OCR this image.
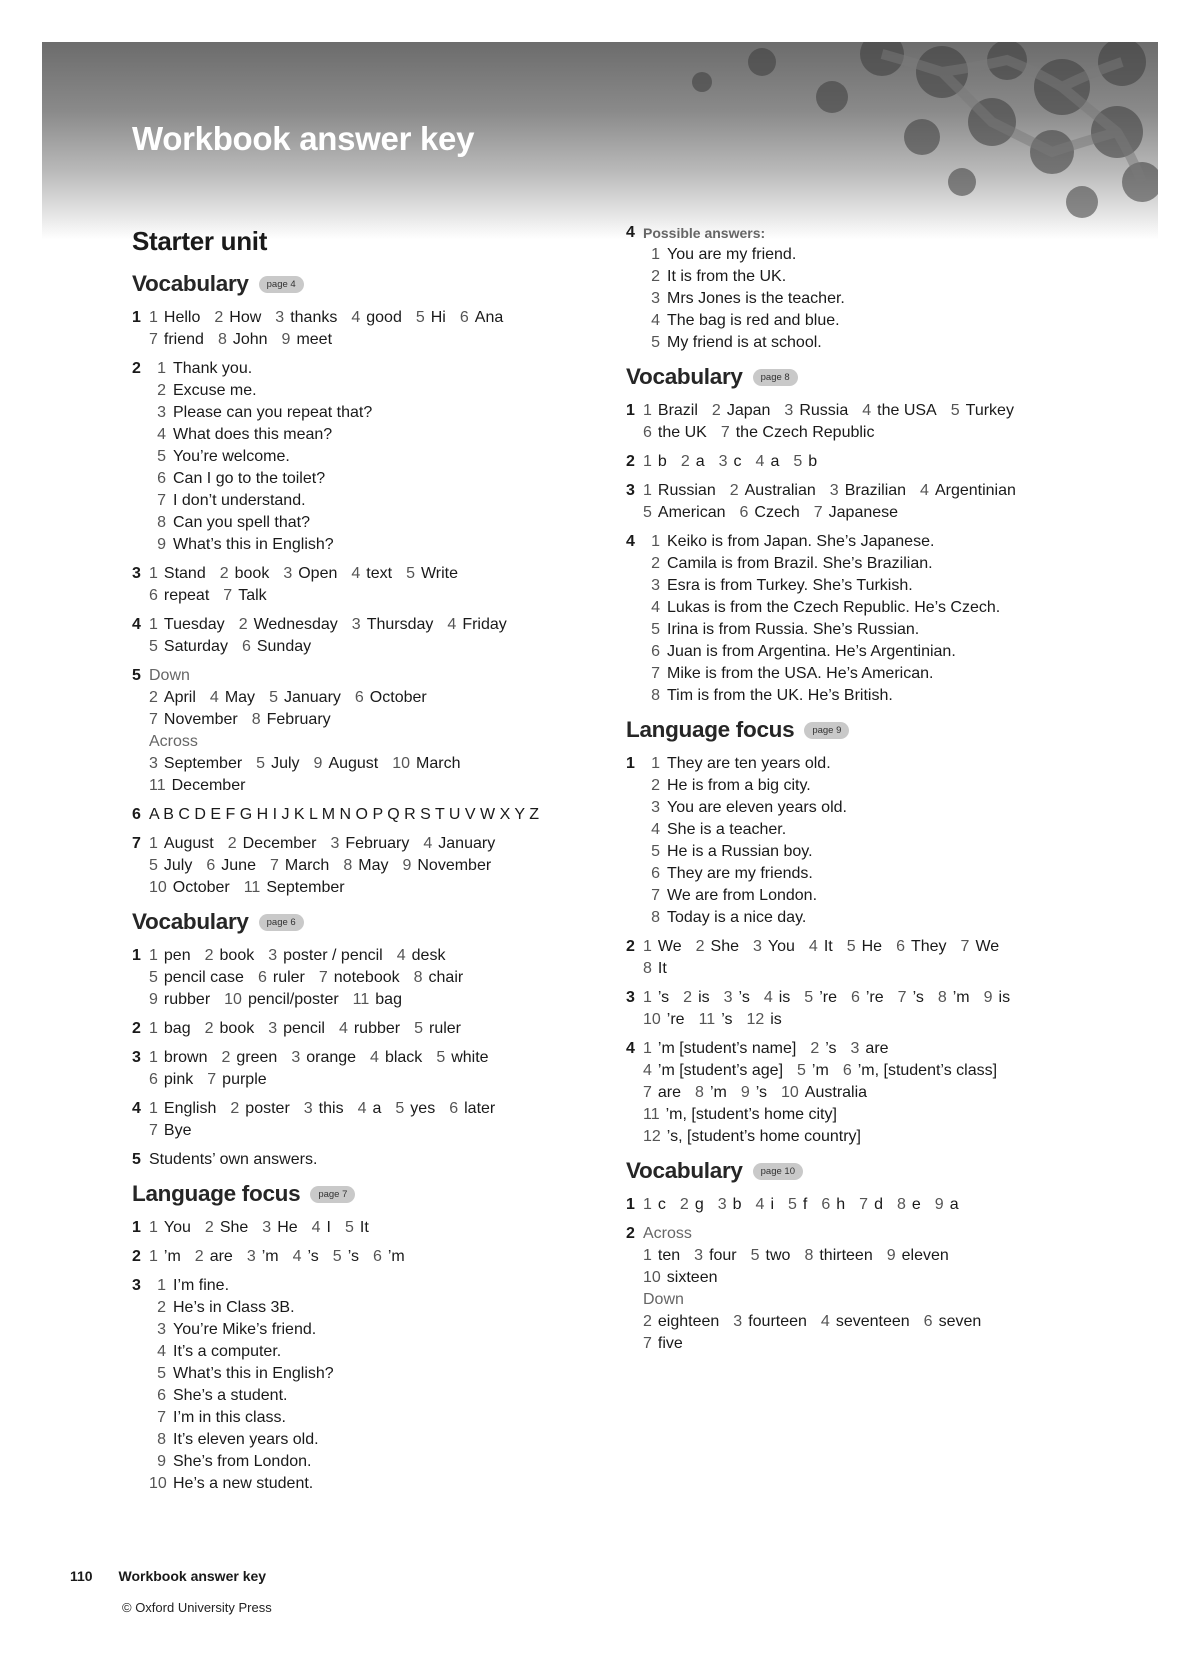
Workbook answer key
Starter unit
Vocabulary	page 4
1 1 Hello 2 How 3 thanks 4 good 5 Hi 6 Ana
7 friend 8 John 9 meet
2	1 Thank you.
2 Excuse me.
3 Please can you repeat that?
4 What does this mean?
5 You’re welcome.
6 Can I go to the toilet?
7 I don’t understand.
8 Can you spell that?
9 What’s this in English?
3 1 Stand 2 book 3 Open 4 text 5 Write
6 repeat 7 Talk
4 1 Tuesday 2 Wednesday 3 Thursday 4 Friday
5 Saturday 6 Sunday
5 Down
2 April 4 May 5 January 6 October
7 November 8 February
Across
3 September 5 July 9 August 10 March
11 December
6 A B C D E F G H I J K L M N O P Q R S T U V W X Y Z
7 1 August 2 December 3 February 4 January
5 July 6 June 7 March 8 May 9 November
10 October 11 September
Vocabulary	page 6
1 1 pen 2 book 3 poster / pencil 4 desk
5 pencil case 6 ruler 7 notebook 8 chair
9 rubber 10 pencil/poster 11 bag
2 1 bag 2 book 3 pencil 4 rubber 5 ruler
3 1 brown 2 green 3 orange 4 black 5 white
6 pink 7 purple
4 1 English 2 poster 3 this 4 a 5 yes 6 later
7 Bye
5 Students’ own answers.
Language focus	page 7
1 1 You 2 She 3 He 4 I 5 It
2 1 ’m 2 are 3 ’m 4 ’s 5 ’s 6 ’m
3	1 I’m fine.
2 He’s in Class 3B.
3 You’re Mike’s friend.
4 It’s a computer.
5 What’s this in English?
6 She’s a student.
7 I’m in this class.
8 It’s eleven years old.
9 She’s from London.
10 He’s a new student.
4 Possible answers:
1 You are my friend.
2 It is from the UK.
3 Mrs Jones is the teacher.
4 The bag is red and blue.
5 My friend is at school.
Vocabulary	page 8
1 1 Brazil 2 Japan 3 Russia 4 the USA 5 Turkey
6 the UK 7 the Czech Republic
2 1 b 2 a 3 c 4 a 5 b
3 1 Russian 2 Australian 3 Brazilian 4 Argentinian
5 American 6 Czech 7 Japanese
4	1 Keiko is from Japan. She’s Japanese.
2 Camila is from Brazil. She’s Brazilian.
3 Esra is from Turkey. She’s Turkish.
4 Lukas is from the Czech Republic. He’s Czech.
5 Irina is from Russia. She’s Russian.
6 Juan is from Argentina. He’s Argentinian.
7 Mike is from the USA. He’s American.
8 Tim is from the UK. He’s British.
Language focus	page 9
1	1 They are ten years old.
2 He is from a big city.
3 You are eleven years old.
4 She is a teacher.
5 He is a Russian boy.
6 They are my friends.
7 We are from London.
8 Today is a nice day.
2 1 We 2 She 3 You 4 It 5 He 6 They 7 We
8 It
3 1 ’s 2 is 3 ’s 4 is 5 ’re 6 ’re 7 ’s 8 ’m 9 is
10 ’re 11 ’s 12 is
4 1 ’m [student’s name] 2 ’s 3 are
4 ’m [student’s age] 5 ’m 6 ’m, [student’s class]
7 are 8 ’m 9 ’s 10 Australia
11 ’m, [student’s home city]
12 ’s, [student’s home country]
Vocabulary	page 10
1 1 c 2 g 3 b 4 i 5 f 6 h 7 d 8 e 9 a
2 Across
1 ten 3 four 5 two 8 thirteen 9 eleven
10 sixteen
Down
2 eighteen 3 fourteen 4 seventeen 6 seven
7 five
110 Workbook answer key
© Oxford University Press
